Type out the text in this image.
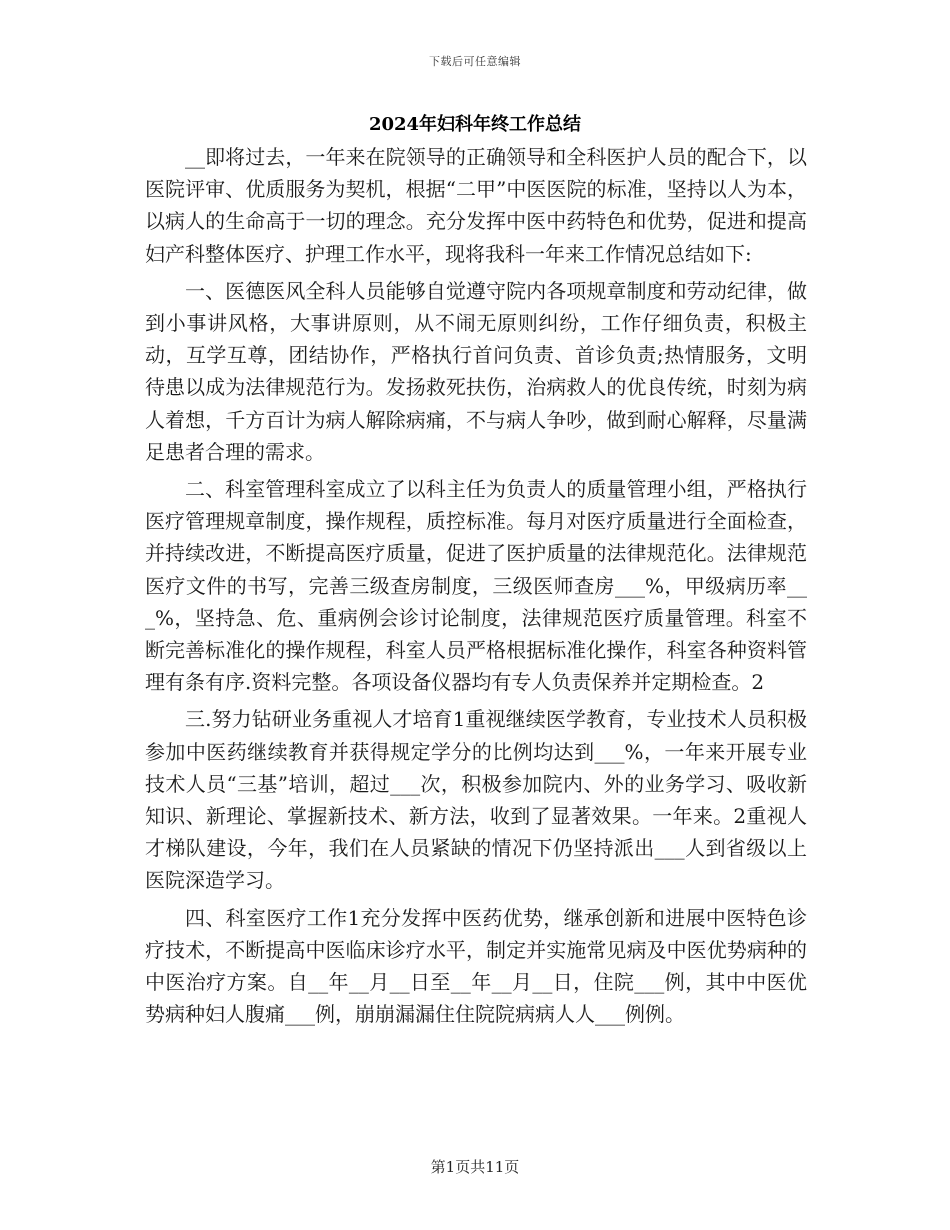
下载后可任意编辑
2024年妇科年终工作总结

__即将过去，一年来在院领导的正确领导和全科医护人员的配合下，以医院评审、优质服务为契机，根据“二甲”中医医院的标准，坚持以人为本，以病人的生命高于一切的理念。充分发挥中医中药特色和优势，促进和提高妇产科整体医疗、护理工作水平，现将我科一年来工作情况总结如下:

一、医德医风全科人员能够自觉遵守院内各项规章制度和劳动纪律，做到小事讲风格，大事讲原则，从不闹无原则纠纷，工作仔细负责，积极主动，互学互尊，团结协作，严格执行首问负责、首诊负责;热情服务，文明待患以成为法律规范行为。发扬救死扶伤，治病救人的优良传统，时刻为病人着想，千方百计为病人解除病痛，不与病人争吵，做到耐心解释，尽量满足患者合理的需求。

二、科室管理科室成立了以科主任为负责人的质量管理小组，严格执行医疗管理规章制度，操作规程，质控标准。每月对医疗质量进行全面检查，并持续改进，不断提高医疗质量，促进了医护质量的法律规范化。法律规范医疗文件的书写，完善三级查房制度，三级医师查房___%，甲级病历率___%，坚持急、危、重病例会诊讨论制度，法律规范医疗质量管理。科室不断完善标准化的操作规程，科室人员严格根据标准化操作，科室各种资料管理有条有序.资料完整。各项设备仪器均有专人负责保养并定期检查。2

三.努力钻研业务重视人才培育1重视继续医学教育，专业技术人员积极参加中医药继续教育并获得规定学分的比例均达到___%，一年来开展专业技术人员“三基”培训，超过___次，积极参加院内、外的业务学习、吸收新知识、新理论、掌握新技术、新方法，收到了显著效果。一年来。2重视人才梯队建设，今年，我们在人员紧缺的情况下仍坚持派出___人到省级以上医院深造学习。

四、科室医疗工作1充分发挥中医药优势，继承创新和进展中医特色诊疗技术，不断提高中医临床诊疗水平，制定并实施常见病及中医优势病种的中医治疗方案。自__年__月__日至__年__月__日，住院___例，其中中医优势病种妇人腹痛___例，崩崩漏漏住住院院病病人人___例例。

第1页共11页
